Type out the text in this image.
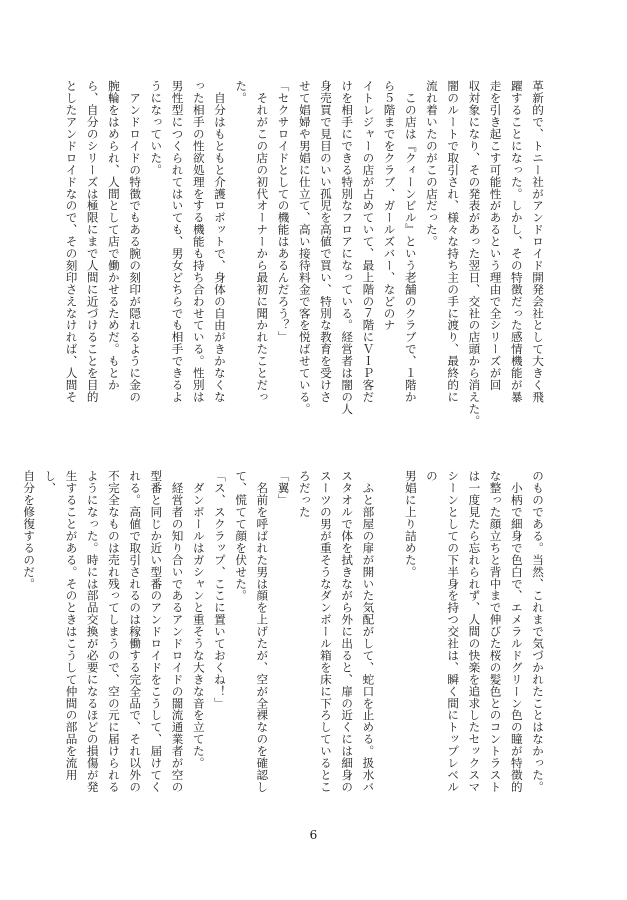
革新的で、トニー社がアンドロイド開発会社として大きく飛

躍することになった。しかし、その特徴だった感情機能が暴

走を引き起こす可能性があるという理由で全シリーズが回

収対象になり、その発表があった翌日、交社の店頭から消えた。

闇のルートで取引され、様々な持ち主の手に渡り、最終的に

流れ着いたのがこの店だった。

　この店は『クィーンビル』という老舗のクラブで、１階か

ら５階までをクラブ、ガールズバー、などのナ

イトレジャーの店が占めていて、最上階の７階にＶＩＰ客だ

けを相手にできる特別なフロアになっている。経営者は闇の人

身売買で見目のいい孤児を高値で買い、特別な教育を受けさ

せて娼婦や男娼に仕立て、高い接待料金で客を悦ばせている。

「セクサロイドとしての機能はあるんだろう？」

　それがこの店の初代オーナーから最初に聞かれたことだっ

た。

　自分はもともと介護ロボットで、身体の自由がきかなくな

った相手の性欲処理をする機能も持ち合わせている。性別は

男性型につくられてはいても、男女どちらでも相手できるよ

うになっていた。

　アンドロイドの特徴でもある腕の刻印が隠れるように金の

腕輪をはめられ、人間として店で働かせるためだ。もとか

ら、自分のシリーズは極限にまで人間に近づけることを目的

としたアンドロイドなので、その刻印さえなければ、人間そ

のものである。当然、これまで気づかれたことはなかった。

　小柄で細身で色白で、エメラルドグリーン色の瞳が特徴的

な整った顔立ちと背中まで伸びた桜の髪色とのコントラスト

は一度見たら忘れられず、人間の快楽を追求したセックスマ

シーンとしての下半身を持つ交社は、瞬く間にトップレベルの

男娼に上り詰めた。

　ふと部屋の扉が開いた気配がして、蛇口を止める。扱水バ

スタオルで体を拭きながら外に出ると、扉の近くには細身の

スーツの男が重そうなダンボール箱を床に下ろしているとこ

ろだった

「翼」

　名前を呼ばれた男は顔を上げたが、空が全裸なのを確認し

て、慌てて顔を伏せた。

「ス、スクラップ、ここに置いておくね！」

　ダンボールはガシャンと重そうな大きな音を立てた。

　経営者の知り合いであるアンドロイドの闇流通業者が空の

型番と同じか近い型番のアンドロイドをこうして、届けてく

れる。高値で取引されるのは稼働する完全品で、それ以外の

不完全なものは売れ残ってしまうので、空の元に届けられる

ようになった。時には部品交換が必要になるほどの損傷が発

生することがある。そのときはこうして仲間の部品を流用し、

自分を修復するのだ。

6
